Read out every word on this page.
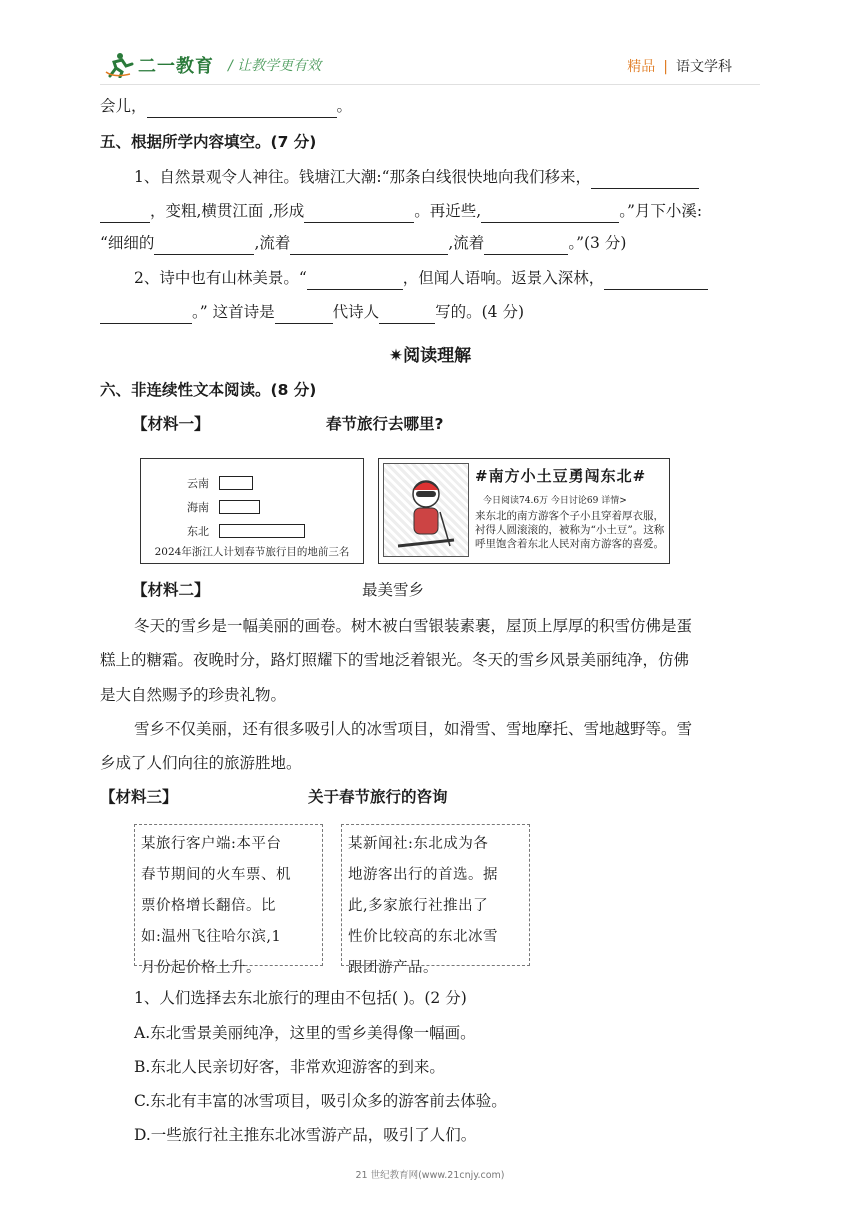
二一教育 / 让教学更有效	精品 | 语文学科
会儿，	。
五、根据所学内容填空。(7 分)
1、自然景观令人神往。钱塘江大潮:“那条白线很快地向我们移来，
，变粗,横贯江面 ,形成	。再近些,	。”月下小溪:
“细细的	,流着	,流着	。”(3 分)
2、诗中也有山林美景。“	，但闻人语响。返景入深林，
。” 这首诗是	代诗人	写的。(4 分)
✷阅读理解
六、非连续性文本阅读。(8 分)
【材料一】	春节旅行去哪里?
云南
海南
东北
2024年浙江人计划春节旅行目的地前三名
#南方小土豆勇闯东北#
今日阅读74.6万 今日讨论69 详情>
来东北的南方游客个子小且穿着厚衣服，衬得人圆滚滚的，被称为“小土豆”。这称呼里饱含着东北人民对南方游客的喜爱。
【材料二】	最美雪乡
冬天的雪乡是一幅美丽的画卷。树木被白雪银装素裹，屋顶上厚厚的积雪仿佛是蛋
糕上的糖霜。夜晚时分，路灯照耀下的雪地泛着银光。冬天的雪乡风景美丽纯净，仿佛
是大自然赐予的珍贵礼物。
雪乡不仅美丽，还有很多吸引人的冰雪项目，如滑雪、雪地摩托、雪地越野等。雪
乡成了人们向往的旅游胜地。
【材料三】	关于春节旅行的咨询
某旅行客户端:本平台
春节期间的火车票、机
票价格增长翻倍。比
如:温州飞往哈尔滨,1
月份起价格上升。
某新闻社:东北成为各
地游客出行的首选。据
此,多家旅行社推出了
性价比较高的东北冰雪
跟团游产品。
1、人们选择去东北旅行的理由不包括( )。(2 分)
A.东北雪景美丽纯净，这里的雪乡美得像一幅画。
B.东北人民亲切好客，非常欢迎游客的到来。
C.东北有丰富的冰雪项目，吸引众多的游客前去体验。
D.一些旅行社主推东北冰雪游产品，吸引了人们。
21 世纪教育网(www.21cnjy.com)
